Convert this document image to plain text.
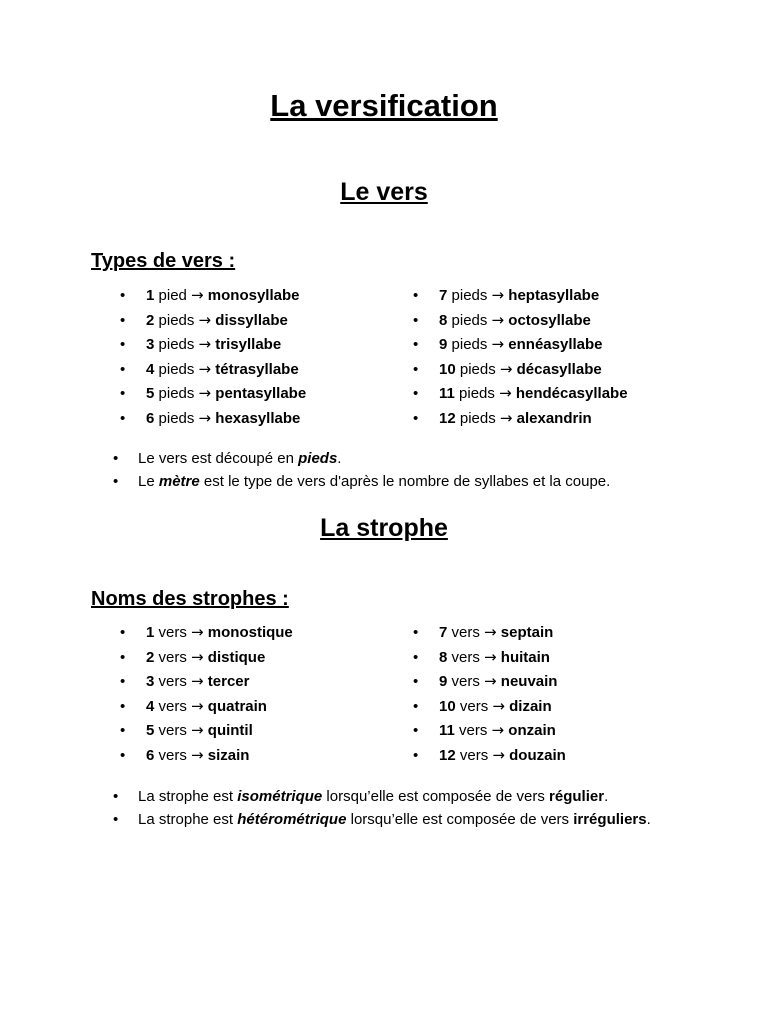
La versification
Le vers
Types de vers :
• 1 pied → monosyllabe
• 2 pieds → dissyllabe
• 3 pieds → trisyllabe
• 4 pieds → tétrasyllabe
• 5 pieds → pentasyllabe
• 6 pieds → hexasyllabe
• 7 pieds → heptasyllabe
• 8 pieds → octosyllabe
• 9 pieds → ennéasyllabe
• 10 pieds → décasyllabe
• 11 pieds → hendécasyllabe
• 12 pieds → alexandrin
• Le vers est découpé en pieds.
• Le mètre est le type de vers d'après le nombre de syllabes et la coupe.
La strophe
Noms des strophes :
• 1 vers → monostique
• 2 vers → distique
• 3 vers → tercer
• 4 vers → quatrain
• 5 vers → quintil
• 6 vers → sizain
• 7 vers → septain
• 8 vers → huitain
• 9 vers → neuvain
• 10 vers → dizain
• 11 vers → onzain
• 12 vers → douzain
• La strophe est isométrique lorsqu’elle est composée de vers régulier.
• La strophe est hétérométrique lorsqu’elle est composée de vers irréguliers.
